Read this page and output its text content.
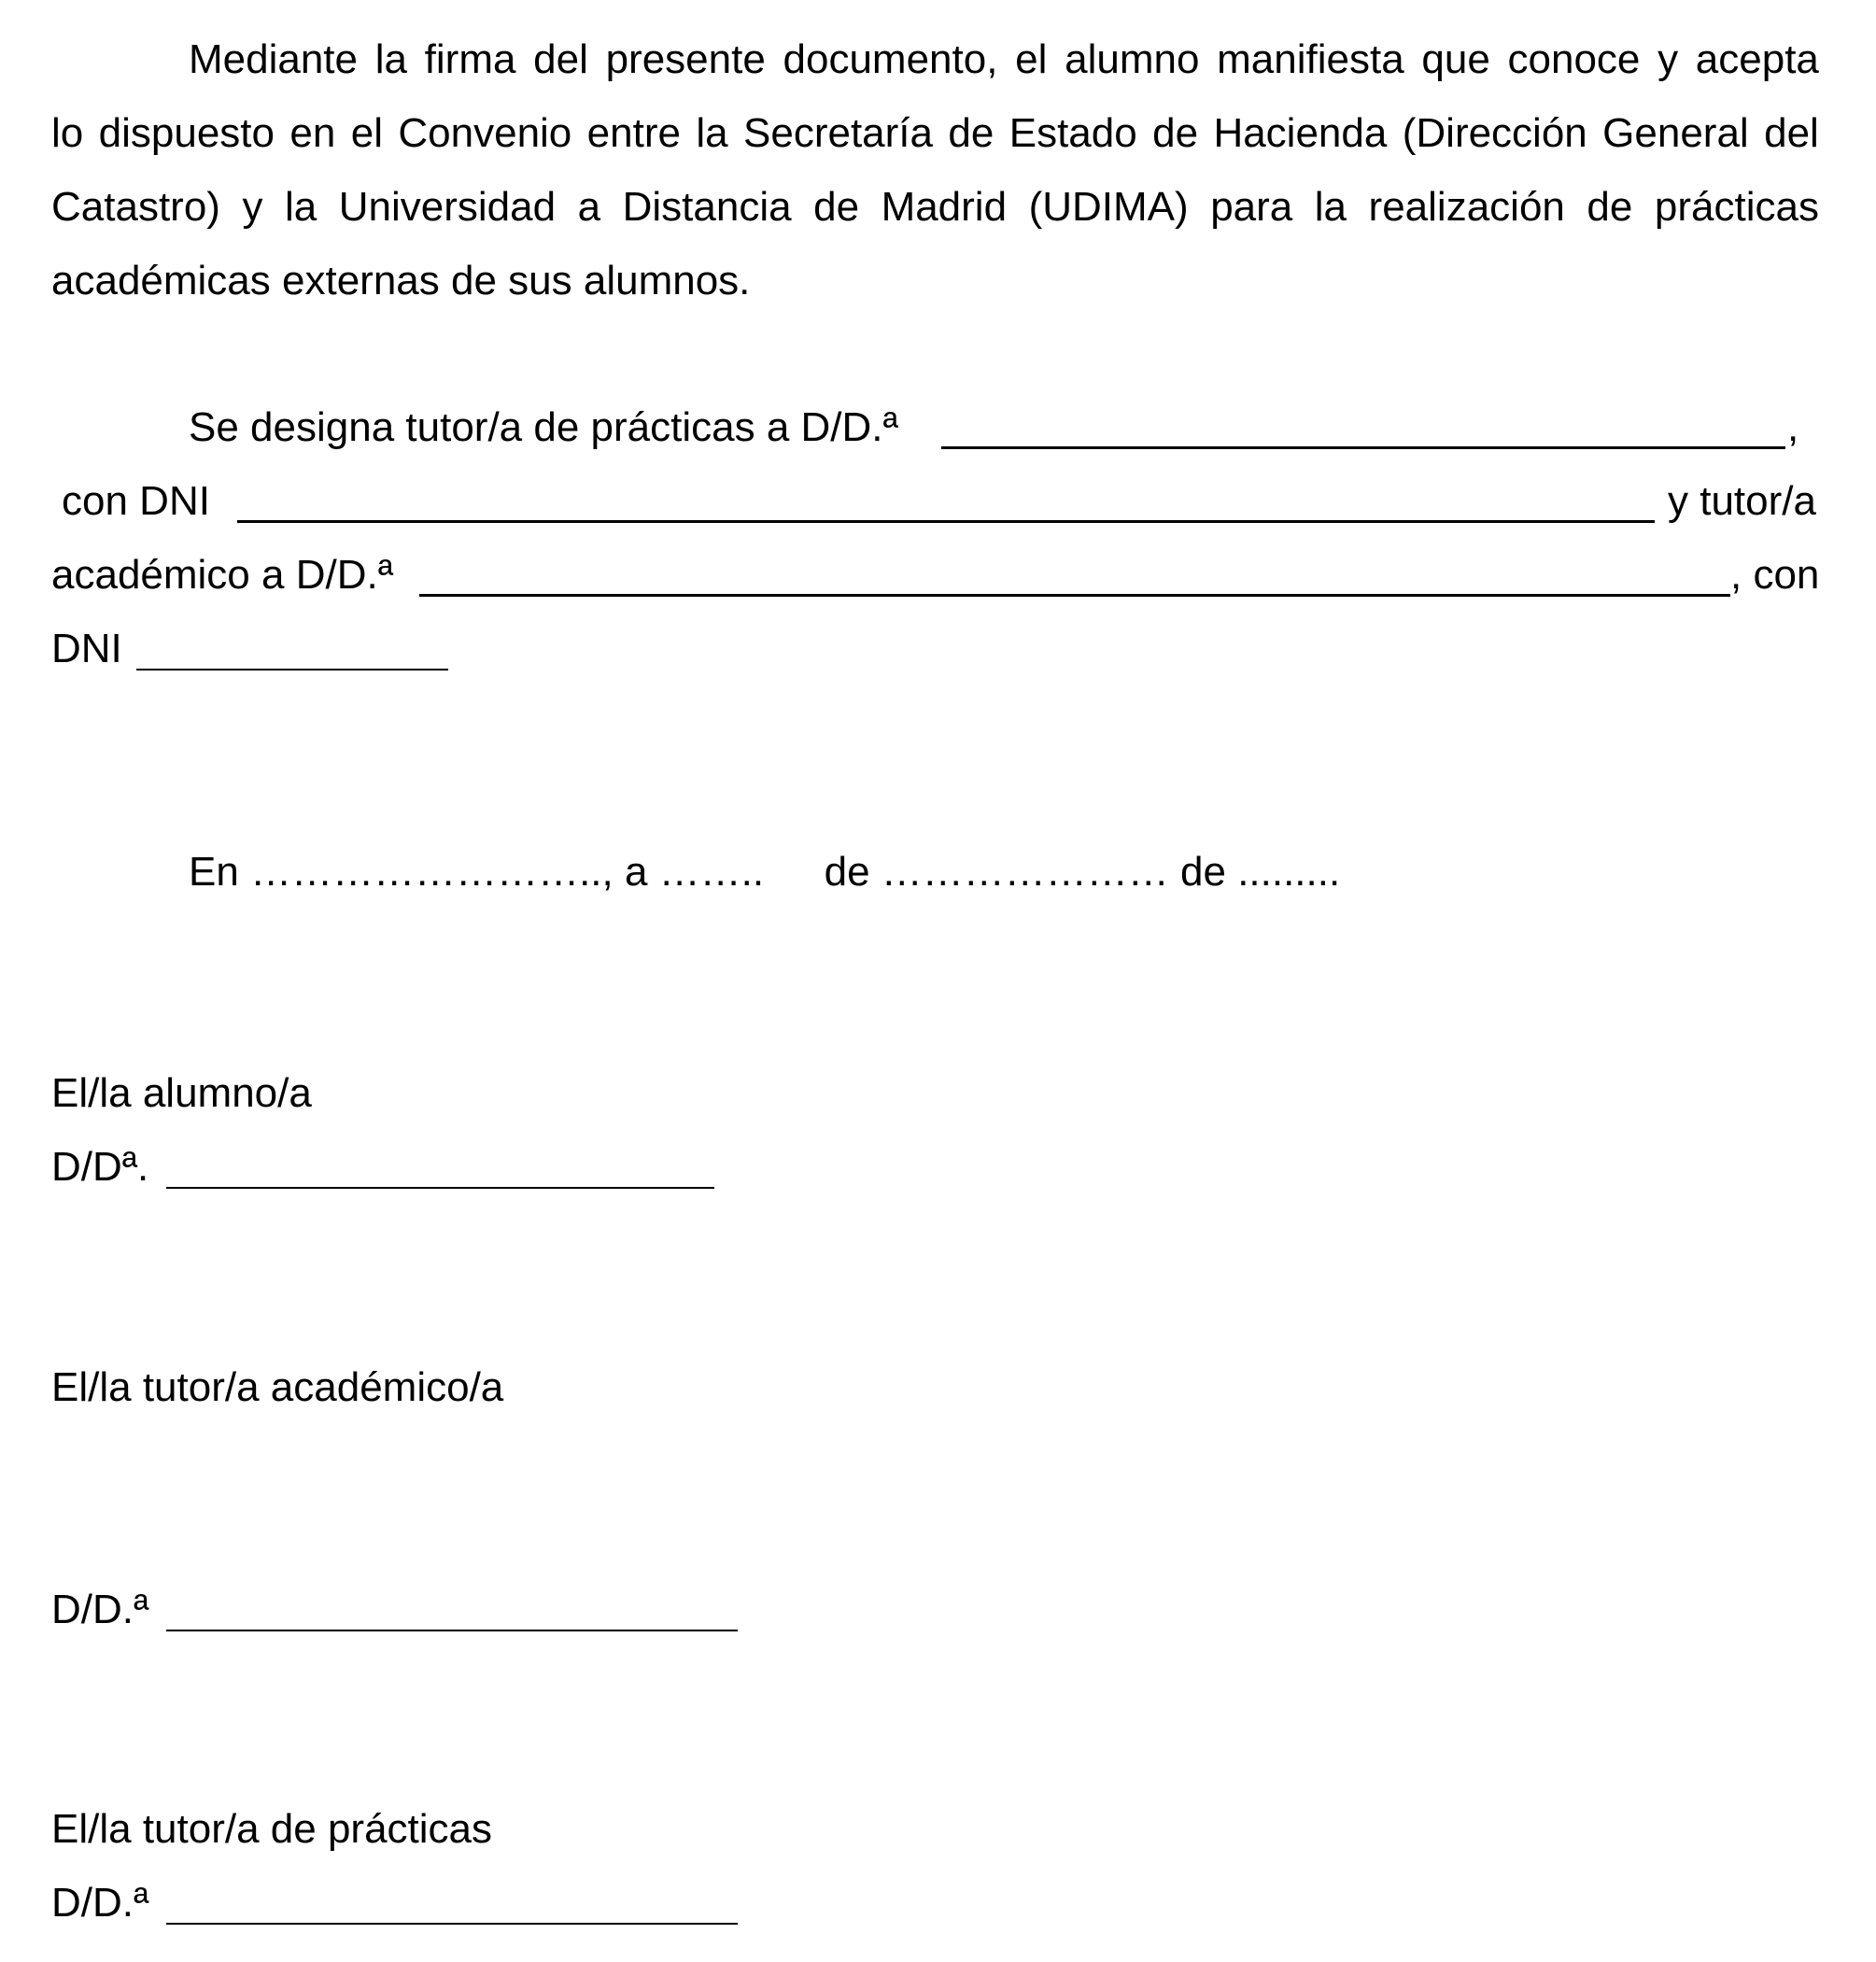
Mediante la firma del presente documento, el alumno manifiesta que conoce y acepta
lo dispuesto en el Convenio entre la Secretaría de Estado de Hacienda (Dirección General del
Catastro) y la Universidad a Distancia de Madrid (UDIMA) para la realización de prácticas
académicas externas de sus alumnos.
Se designa tutor/a de prácticas a D/D.ª	,
con DNI	y tutor/a
académico a D/D.ª	, con
DNI
En …………………….., a …….. de ………………… de .........
El/la alumno/a
D/Dª.
El/la tutor/a académico/a
D/D.ª
El/la tutor/a de prácticas
D/D.ª
